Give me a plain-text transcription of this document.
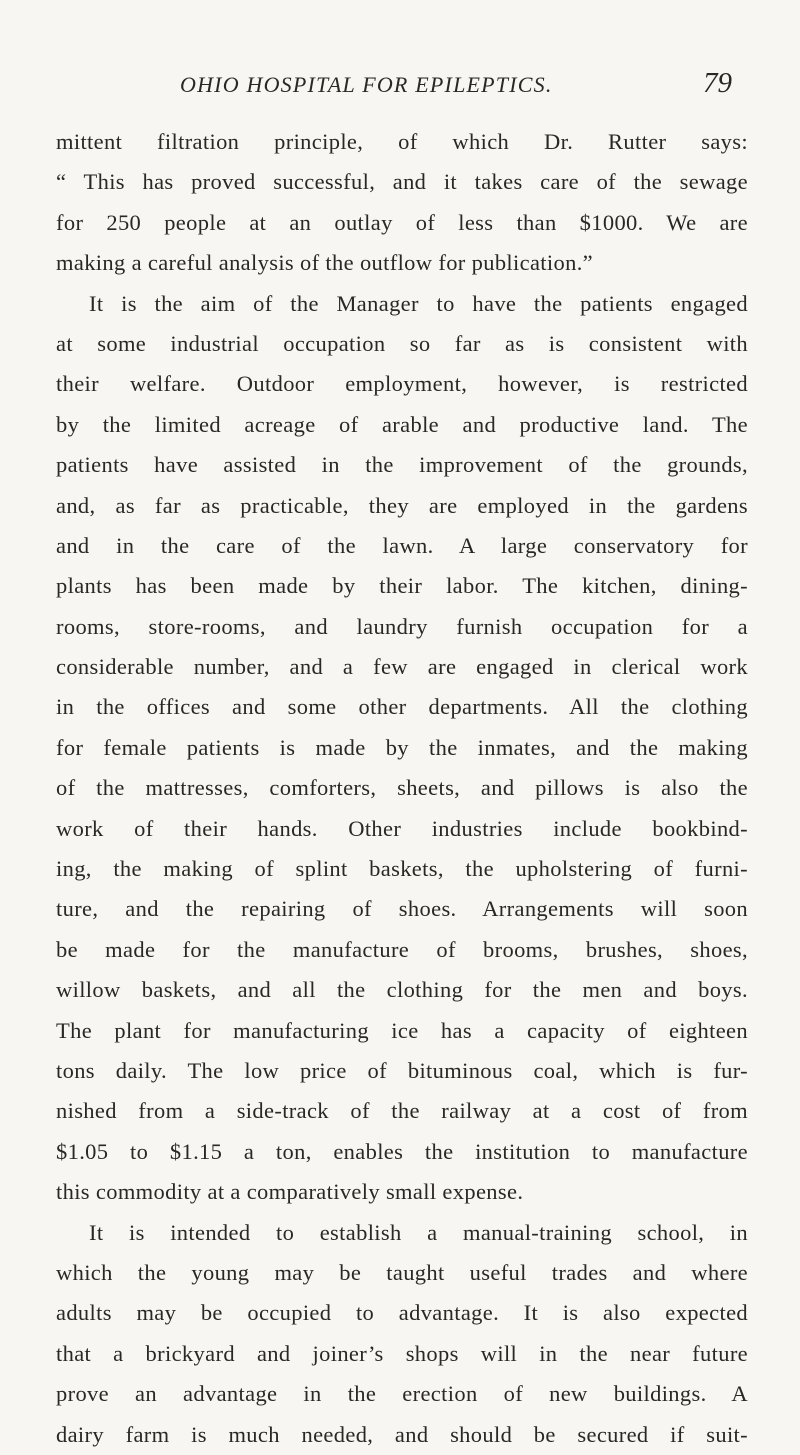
OHIO HOSPITAL FOR EPILEPTICS.	79
mittent filtration principle, of which Dr. Rutter says:
“ This has proved successful, and it takes care of the sewage
for 250 people at an outlay of less than $1000. We are
making a careful analysis of the outflow for publication.”
It is the aim of the Manager to have the patients engaged
at some industrial occupation so far as is consistent with
their welfare. Outdoor employment, however, is restricted
by the limited acreage of arable and productive land. The
patients have assisted in the improvement of the grounds,
and, as far as practicable, they are employed in the gardens
and in the care of the lawn. A large conservatory for
plants has been made by their labor. The kitchen, dining-
rooms, store-rooms, and laundry furnish occupation for a
considerable number, and a few are engaged in clerical work
in the offices and some other departments. All the clothing
for female patients is made by the inmates, and the making
of the mattresses, comforters, sheets, and pillows is also the
work of their hands. Other industries include bookbind-
ing, the making of splint baskets, the upholstering of furni-
ture, and the repairing of shoes. Arrangements will soon
be made for the manufacture of brooms, brushes, shoes,
willow baskets, and all the clothing for the men and boys.
The plant for manufacturing ice has a capacity of eighteen
tons daily. The low price of bituminous coal, which is fur-
nished from a side-track of the railway at a cost of from
$1.05 to $1.15 a ton, enables the institution to manufacture
this commodity at a comparatively small expense.
It is intended to establish a manual-training school, in
which the young may be taught useful trades and where
adults may be occupied to advantage. It is also expected
that a brickyard and joiner’s shops will in the near future
prove an advantage in the erection of new buildings. A
dairy farm is much needed, and should be secured if suit-
